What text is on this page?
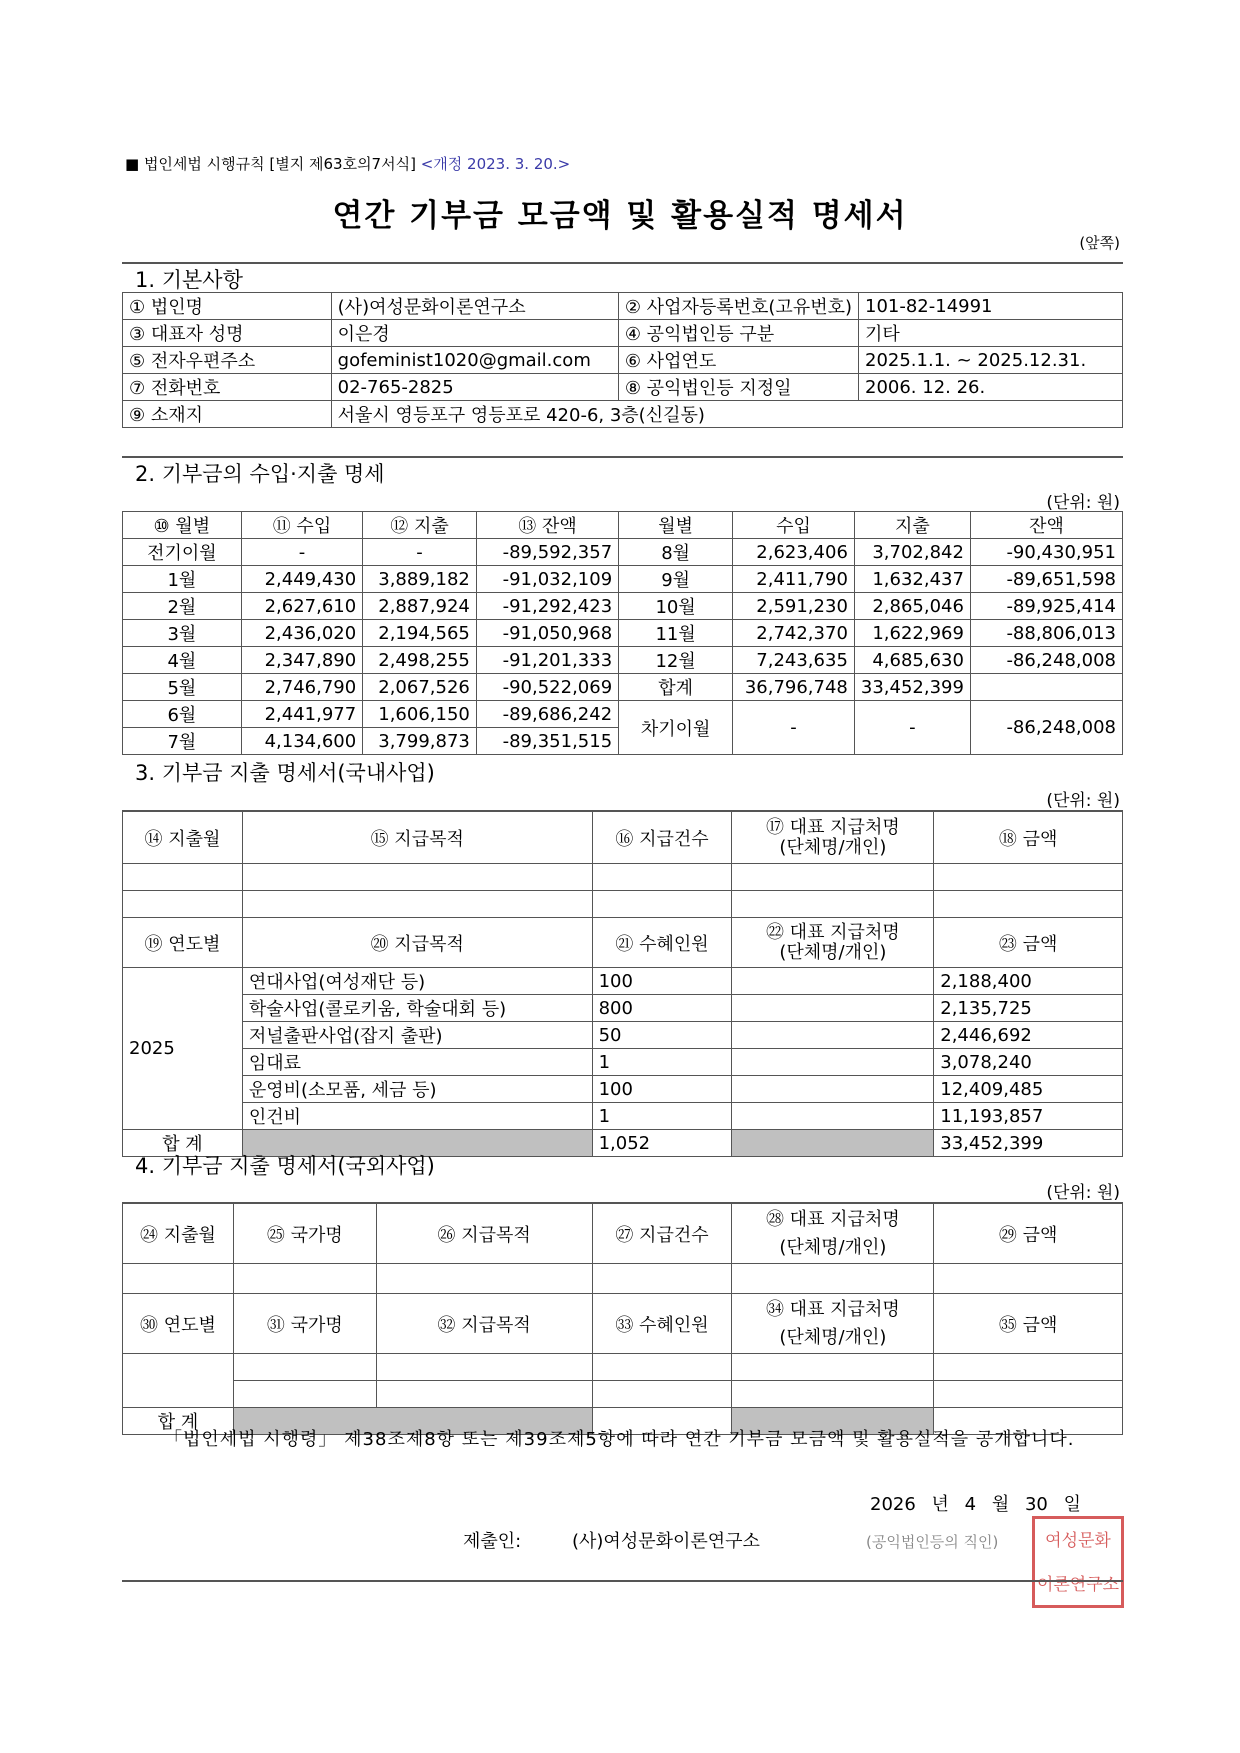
■ 법인세법 시행규칙 [별지 제63호의7서식] <개정 2023. 3. 20.>
연간 기부금 모금액 및 활용실적 명세서
(앞쪽)
1. 기본사항
① 법인명	(사)여성문화이론연구소	② 사업자등록번호(고유번호)	101-82-14991
③ 대표자 성명	이은경	④ 공익법인등 구분	기타
⑤ 전자우편주소	gofeminist1020@gmail.com	⑥ 사업연도	2025.1.1. ~ 2025.12.31.
⑦ 전화번호	02-765-2825	⑧ 공익법인등 지정일	2006. 12. 26.
⑨ 소재지	서울시 영등포구 영등포로 420-6, 3층(신길동)		
2. 기부금의 수입·지출 명세
(단위: 원)
⑩ 월별	⑪ 수입	⑫ 지출	⑬ 잔액	월별	수입	지출	잔액
전기이월	-	-	-89,592,357	8월	2,623,406	3,702,842	-90,430,951
1월	2,449,430	3,889,182	-91,032,109	9월	2,411,790	1,632,437	-89,651,598
2월	2,627,610	2,887,924	-91,292,423	10월	2,591,230	2,865,046	-89,925,414
3월	2,436,020	2,194,565	-91,050,968	11월	2,742,370	1,622,969	-88,806,013
4월	2,347,890	2,498,255	-91,201,333	12월	7,243,635	4,685,630	-86,248,008
5월	2,746,790	2,067,526	-90,522,069	합계	36,796,748	33,452,399	
6월	2,441,977	1,606,150	-89,686,242	차기이월	-	-	-86,248,008
7월	4,134,600	3,799,873	-89,351,515				
3. 기부금 지출 명세서(국내사업)
(단위: 원)
⑭ 지출월	⑮ 지급목적	⑯ 지급건수	⑰ 대표 지급처명
(단체명/개인)	⑱ 금액

⑲ 연도별	⑳ 지급목적	㉑ 수혜인원	㉒ 대표 지급처명
(단체명/개인)	㉓ 금액
2025	연대사업(여성재단 등)	100		2,188,400
	학술사업(콜로키움, 학술대회 등)	800		2,135,725
	저널출판사업(잡지 출판)	50		2,446,692
	임대료	1		3,078,240
	운영비(소모품, 세금 등)	100		12,409,485
	인건비	1		11,193,857
합 계		1,052		33,452,399
4. 기부금 지출 명세서(국외사업)
(단위: 원)
㉔ 지출월	㉕ 국가명	㉖ 지급목적	㉗ 지급건수	㉘ 대표 지급처명
(단체명/개인)	㉙ 금액

㉚ 연도별	㉛ 국가명	㉜ 지급목적	㉝ 수혜인원	㉞ 대표 지급처명
(단체명/개인)	㉟ 금액

합 계					
「법인세법 시행령」 제38조제8항 또는 제39조제5항에 따라 연간 기부금 모금액 및 활용실적을 공개합니다.
2026 년 4 월 30 일
제출인:	(사)여성문화이론연구소	(공익법인등의 직인)	여성문화
이론연구소
